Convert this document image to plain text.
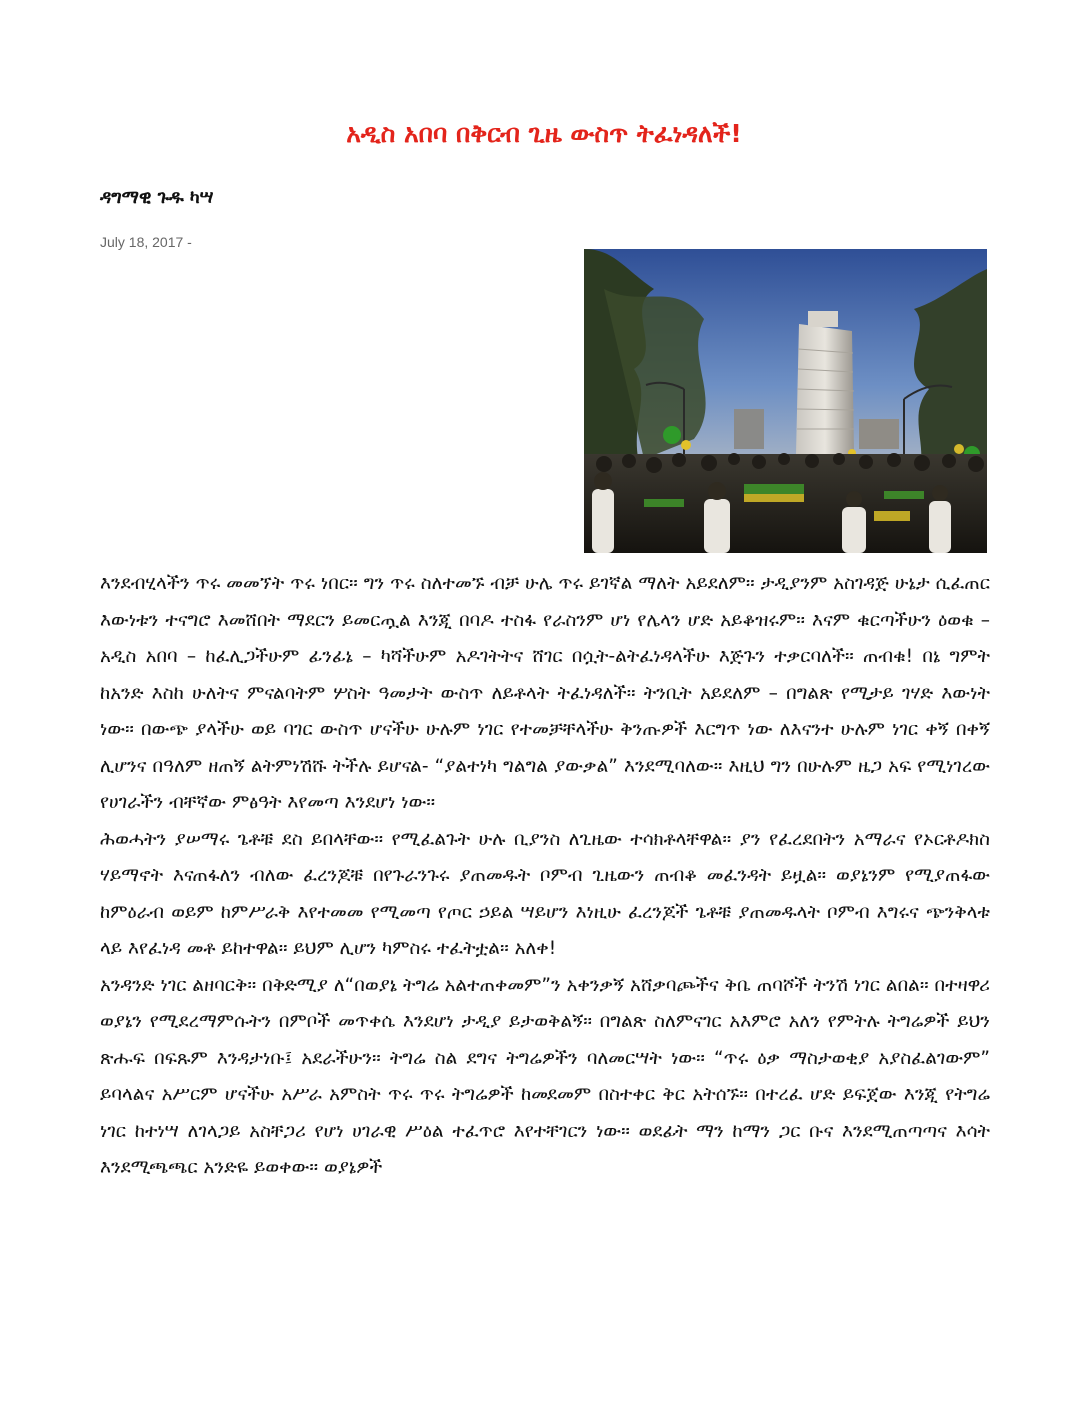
አዲስ አበባ በቅርብ ጊዜ ውስጥ ትፈነዳለች!
ዳግማዊ ጉዱ ካሣ
July 18, 2017 -

እንደብሂላችን ጥሩ መመኘት ጥሩ ነበር፡፡ ግን ጥሩ ስለተመኙ ብቻ ሁሌ ጥሩ ይገኛል ማለት አይደለም፡፡ ታዲያንም አስገዳጅ ሁኔታ ሲፈጠር እውነቱን ተናግሮ እመሸበት ማደርን ይመርጧል እንጂ በባዶ ተስፋ የራስንም ሆነ የሌላን ሆድ አይቆዝሩም፡፡ እናም ቁርጣችሁን ዕወቁ – አዲስ አበባ – ከፈሊጋችሁም ፊንፊኔ – ካሻችሁም አዶገትትና ሸገር በሷት-ልትፈነዳላችሁ እጅጉን ተቃርባለች፡፡ ጠብቁ! በኔ ግምት ከአንድ እስከ ሁለትና ምናልባትም ሦስት ዓመታት ውስጥ ለይቶላት ትፈነዳለች፡፡ ትንቢት አይደለም – በግልጽ የሚታይ ገሃድ እውነት ነው፡፡ በውጭ ያላችሁ ወይ ባገር ውስጥ ሆናችሁ ሁሉም ነገር የተመቻቸላችሁ ቅንጡዎች እርግጥ ነው ለእናንተ ሁሉም ነገር ቀኝ በቀኝ ሊሆንና በዓለም ዘጠኝ ልትምነሽሹ ትችሉ ይሆናል- “ያልተነካ ግልግል ያውቃል” እንደሚባለው፡፡ እዚህ ግን በሁሉም ዜጋ አፍ የሚነገረው የሀገራችን ብቸኛው ምፅዓት እየመጣ እንደሆነ ነው፡፡

ሕወሓትን ያሠማሩ ጌቶቹ ደስ ይበላቸው፡፡ የሚፈልጉት ሁሉ ቢያንስ ለጊዜው ተሳክቶላቸዋል፡፡ ያን የፈረደበትን አማራና የኦርቶዶክስ ሃይማኖት እናጠፋለን ብለው ፈረንጆቹ በየጉራንጉሩ ያጠመዱት ቦምብ ጊዜውን ጠብቆ መፈንዳት ይዟል፡፡ ወያኔንም የሚያጠፋው ከምዕራብ ወይም ከምሥራቅ እየተመመ የሚመጣ የጦር ኃይል ሣይሆን እነዚሁ ፈረንጆች ጌቶቹ ያጠመዱላት ቦምብ እግሩና ጭንቅላቱ ላይ እየፈነዳ መቶ ይከተዋል፡፡ ይህም ሊሆን ካምስሩ ተፈትቷል፡፡ አለቀ!

አንዳንድ ነገር ልዘባርቅ፡፡ በቅድሚያ ለ“በወያኔ ትግሬ አልተጠቀመም”ን አቀንቃኝ አሸቃባጮችና ቅቤ ጠባሾች ትንሽ ነገር ልበል፡፡ በተዛዋሪ ወያኔን የሚደረማምሱትን በምቦች መጥቀሴ እንደሆነ ታዲያ ይታወቅልኝ፡፡ በግልጽ ስለምናገር አእምሮ አለን የምትሉ ትግሬዎች ይህን ጽሑፍ በፍጹም እንዳታነቡ፤ አደራችሁን፡፡ ትግሬ ስል ደግና ትግሬዎችን ባለመርሣት ነው፡፡ “ጥሩ ዕቃ ማስታወቂያ አያስፈልገውም” ይባላልና አሥርም ሆናችሁ አሥራ አምስት ጥሩ ጥሩ ትግሬዎች ከመደመም በስተቀር ቅር አትሰኙ፡፡ በተረፈ ሆድ ይፍጀው እንጂ የትግሬ ነገር ከተነሣ ለገላጋይ አስቸጋሪ የሆነ ሀገራዊ ሥዕል ተፈጥሮ እየተቸገርን ነው፡፡ ወደፊት ማን ከማን ጋር ቡና እንደሚጠጣጣና እሳት እንደሚጫጫር አንድዬ ይወቀው፡፡ ወያኔዎች
